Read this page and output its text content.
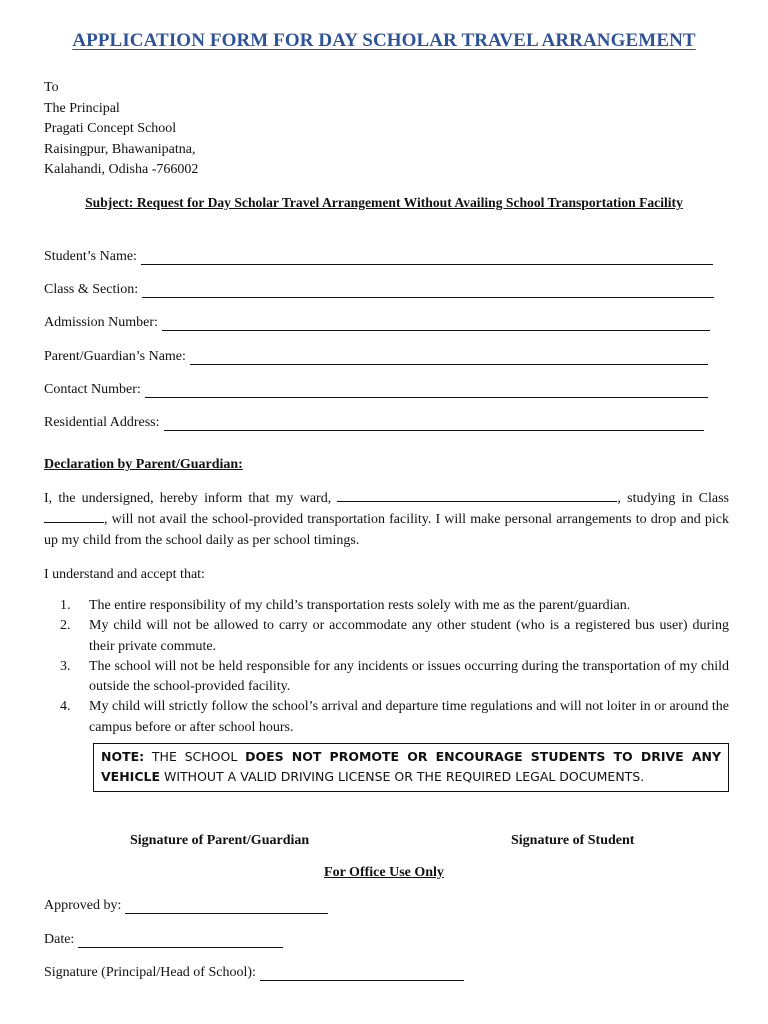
APPLICATION FORM FOR DAY SCHOLAR TRAVEL ARRANGEMENT
To
The Principal
Pragati Concept School
Raisingpur, Bhawanipatna,
Kalahandi, Odisha -766002
Subject: Request for Day Scholar Travel Arrangement Without Availing School Transportation Facility
Student’s Name:
Class & Section:
Admission Number:
Parent/Guardian’s Name:
Contact Number:
Residential Address:
Declaration by Parent/Guardian:
I, the undersigned, hereby inform that my ward,	, studying in Class , will not avail the school-provided transportation facility. I will make personal arrangements to drop and pick up my child from the school daily as per school timings.
I understand and accept that:
1.	The entire responsibility of my child’s transportation rests solely with me as the parent/guardian.
2.	My child will not be allowed to carry or accommodate any other student (who is a registered bus user) during their private commute.
3.	The school will not be held responsible for any incidents or issues occurring during the transportation of my child outside the school-provided facility.
4.	My child will strictly follow the school’s arrival and departure time regulations and will not loiter in or around the campus before or after school hours.
NOTE: THE SCHOOL DOES NOT PROMOTE OR ENCOURAGE STUDENTS TO DRIVE ANY VEHICLE WITHOUT A VALID DRIVING LICENSE OR THE REQUIRED LEGAL DOCUMENTS.
Signature of Parent/Guardian	Signature of Student
For Office Use Only
Approved by:
Date:
Signature (Principal/Head of School):
